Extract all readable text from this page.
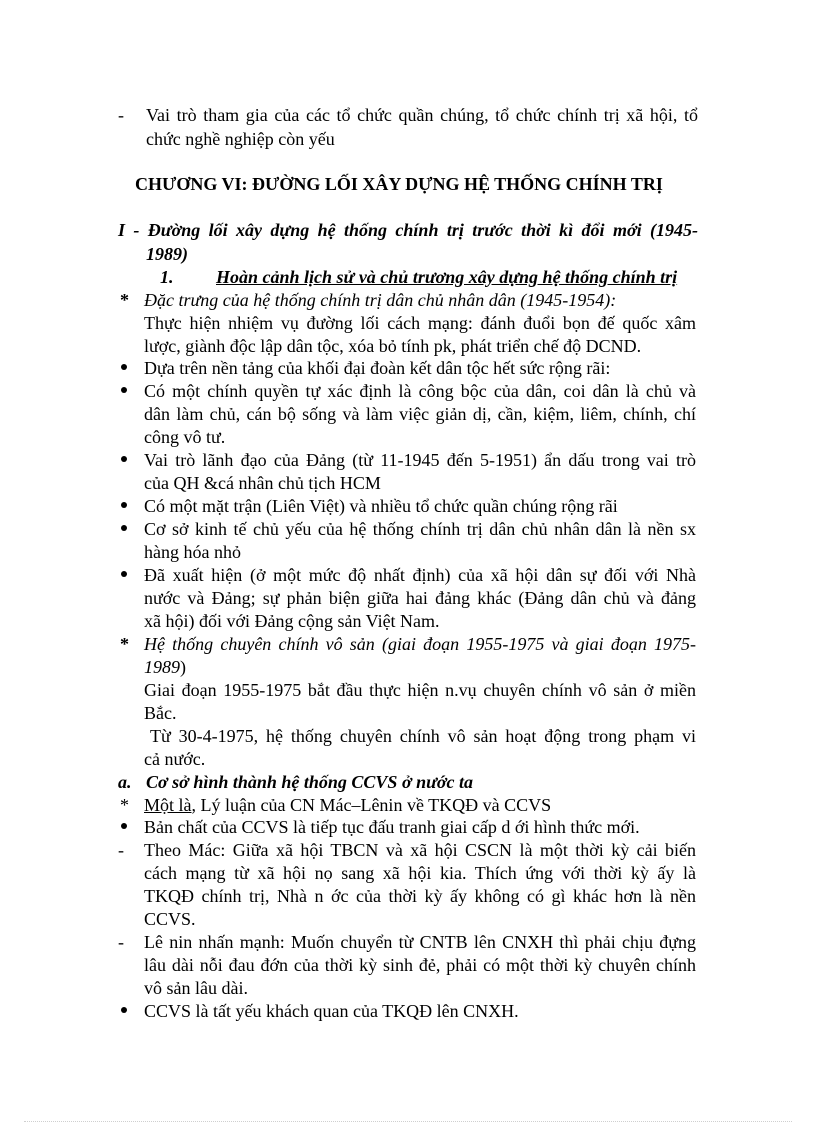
- Vai trò tham gia của các tổ chức quần chúng, tổ chức chính trị xã hội, tổ
chức nghề nghiệp còn yếu
CHƯƠNG VI: ĐƯỜNG LỐI XÂY DỰNG HỆ THỐNG CHÍNH TRỊ
I - Đường lối xây dựng hệ thống chính trị trước thời kì đổi mới (1945-
1989)
1. Hoàn cảnh lịch sử và chủ trương xây dựng hệ thống chính trị
* Đặc trưng của hệ thống chính trị dân chủ nhân dân (1945-1954):
Thực hiện nhiệm vụ đường lối cách mạng: đánh đuổi bọn đế quốc xâm
lược, giành độc lập dân tộc, xóa bỏ tính pk, phát triển chế độ DCND.
Dựa trên nền tảng của khối đại đoàn kết dân tộc hết sức rộng rãi:
Có một chính quyền tự xác định là công bộc của dân, coi dân là chủ và
dân làm chủ, cán bộ sống và làm việc giản dị, cần, kiệm, liêm, chính, chí
công vô tư.
Vai trò lãnh đạo của Đảng (từ 11-1945 đến 5-1951) ẩn dấu trong vai trò
của QH &cá nhân chủ tịch HCM
Có một mặt trận (Liên Việt) và nhiều tổ chức quần chúng rộng rãi
Cơ sở kinh tế chủ yếu của hệ thống chính trị dân chủ nhân dân là nền sx
hàng hóa nhỏ
Đã xuất hiện (ở một mức độ nhất định) của xã hội dân sự đối với Nhà
nước và Đảng; sự phản biện giữa hai đảng khác (Đảng dân chủ và đảng
xã hội) đối với Đảng cộng sản Việt Nam.
* Hệ thống chuyên chính vô sản (giai đoạn 1955-1975 và giai đoạn 1975-
1989)
Giai đoạn 1955-1975 bắt đầu thực hiện n.vụ chuyên chính vô sản ở miền
Bắc.
Từ 30-4-1975, hệ thống chuyên chính vô sản hoạt động trong phạm vi
cả nước.
a. Cơ sở hình thành hệ thống CCVS ở nước ta
* Một là, Lý luận của CN Mác–Lênin về TKQĐ và CCVS
Bản chất của CCVS là tiếp tục đấu tranh giai cấp d ới hình thức mới.
- Theo Mác: Giữa xã hội TBCN và xã hội CSCN là một thời kỳ cải biến
cách mạng từ xã hội nọ sang xã hội kia. Thích ứng với thời kỳ ấy là
TKQĐ chính trị, Nhà n ớc của thời kỳ ấy không có gì khác hơn là nền
CCVS.
- Lê nin nhấn mạnh: Muốn chuyển từ CNTB lên CNXH thì phải chịu đựng
lâu dài nỗi đau đớn của thời kỳ sinh đẻ, phải có một thời kỳ chuyên chính
vô sản lâu dài.
CCVS là tất yếu khách quan của TKQĐ lên CNXH.
